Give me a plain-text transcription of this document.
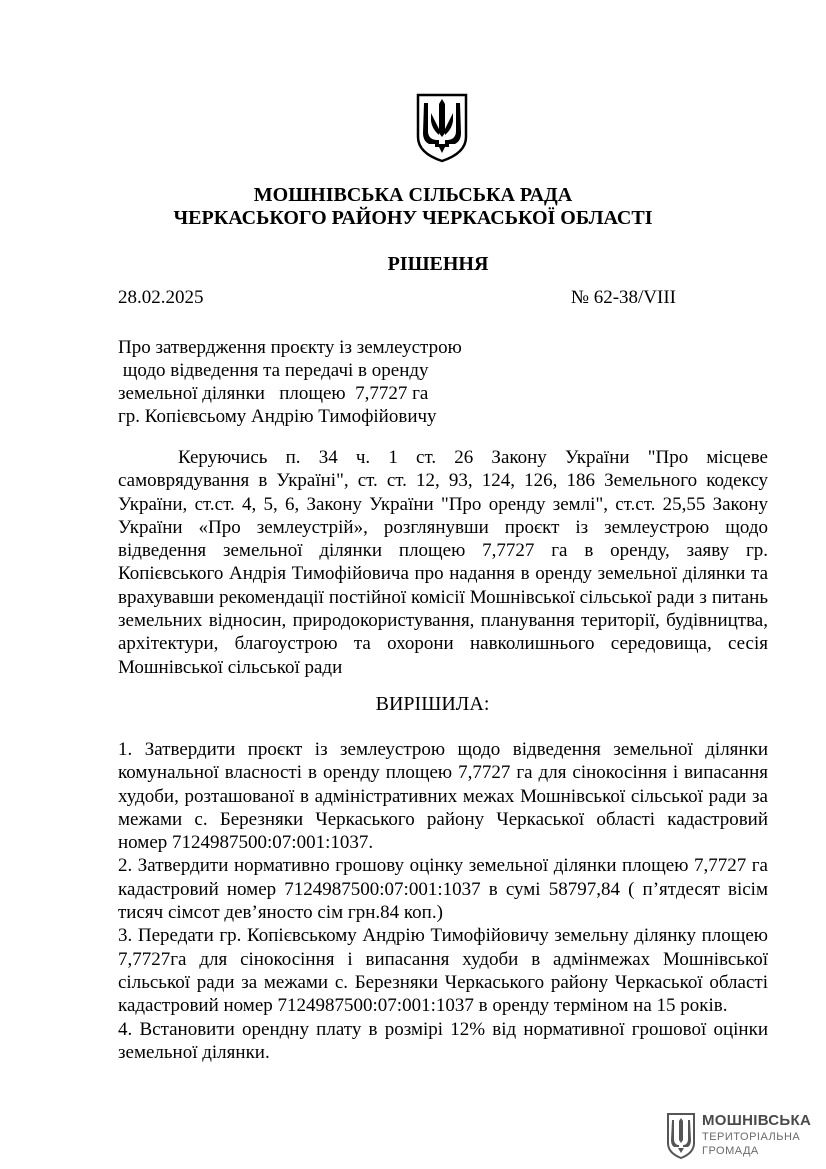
МОШНІВСЬКА СІЛЬСЬКА РАДА
ЧЕРКАСЬКОГО РАЙОНУ ЧЕРКАСЬКОЇ ОБЛАСТІ
РІШЕННЯ
28.02.2025	№ 62-38/VIII
Про затвердження проєкту із землеустрою
щодо відведення та передачі в оренду
земельної ділянки   площею  7,7727 га
гр. Копієвсьому Андрію Тимофійовичу
Керуючись п. 34 ч. 1 ст. 26 Закону України "Про місцеве самоврядування в Україні", ст. ст. 12, 93, 124, 126, 186 Земельного кодексу України, ст.ст. 4, 5, 6, Закону України "Про оренду землі", ст.ст. 25,55 Закону України «Про землеустрій», розглянувши проєкт із землеустрою щодо відведення земельної ділянки площею 7,7727 га в оренду, заяву гр. Копієвського Андрія Тимофійовича про надання в оренду земельної ділянки та врахувавши рекомендації постійної комісії Мошнівської сільської ради з питань земельних відносин, природокористування, планування території, будівництва, архітектури, благоустрою та охорони навколишнього середовища, сесія Мошнівської сільської ради
ВИРІШИЛА:

1. Затвердити проєкт із землеустрою щодо відведення земельної ділянки комунальної власності в оренду площею 7,7727 га для сінокосіння і випасання худоби, розташованої в адміністративних межах Мошнівської сільської ради за межами с. Березняки Черкаського району Черкаської області кадастровий номер 7124987500:07:001:1037.

2. Затвердити нормативно грошову оцінку земельної ділянки площею 7,7727 га кадастровий номер 7124987500:07:001:1037 в сумі 58797,84 ( п’ятдесят вісім тисяч сімсот дев’яносто сім грн.84 коп.)

3. Передати гр. Копієвському Андрію Тимофійовичу земельну ділянку площею 7,7727га для сінокосіння і випасання худоби в адмінмежах Мошнівської сільської ради за межами с. Березняки Черкаського району Черкаської області кадастровий номер 7124987500:07:001:1037 в оренду терміном на 15 років.

4. Встановити орендну плату в розмірі 12% від нормативної грошової оцінки земельної ділянки.

МОШНІВСЬКА
ТЕРИТОРІАЛЬНА
ГРОМАДА
